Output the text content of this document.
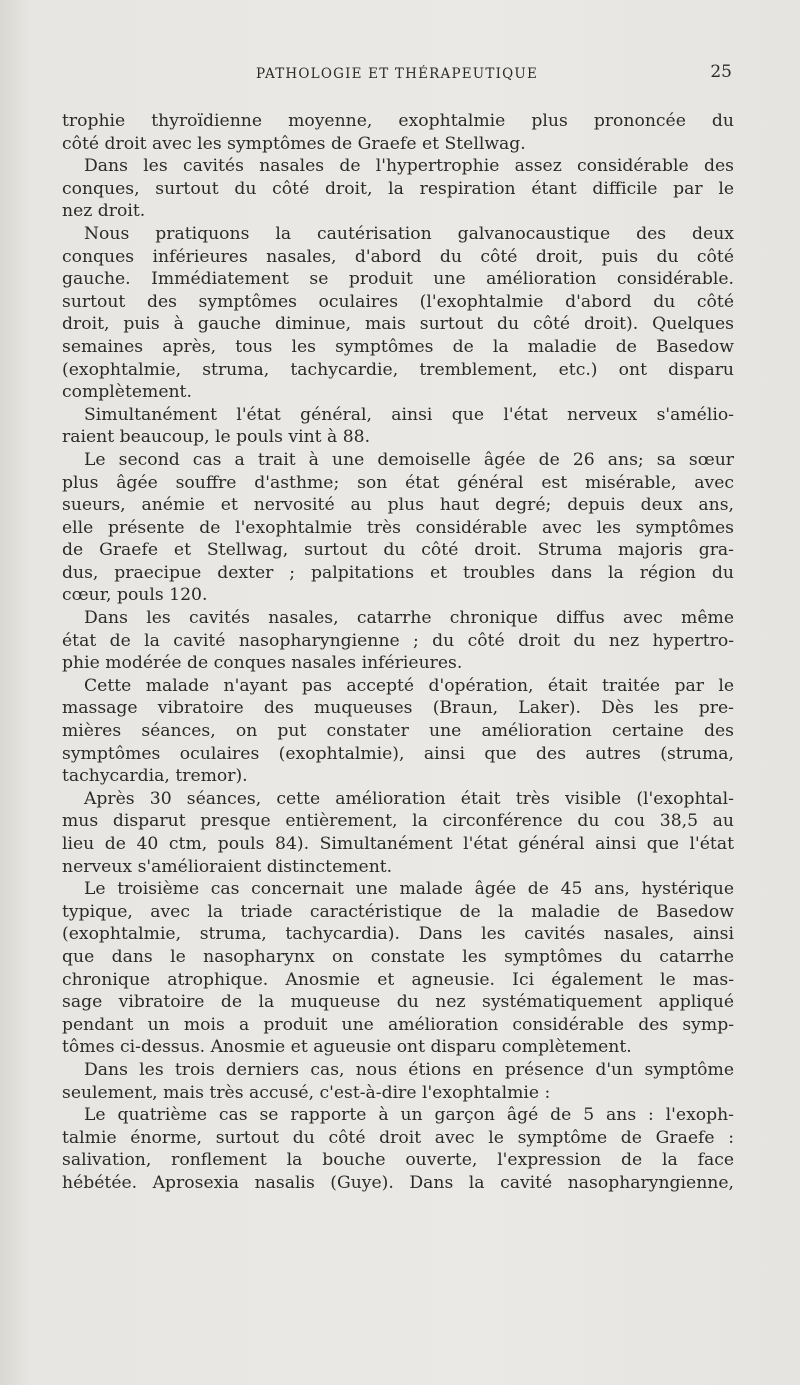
PATHOLOGIE ET THÉRAPEUTIQUE	25
trophie thyroïdienne moyenne, exophtalmie plus prononcée du
côté droit avec les symptômes de Graefe et Stellwag.
Dans les cavités nasales de l'hypertrophie assez considérable des
conques, surtout du côté droit, la respiration étant difficile par le
nez droit.
Nous pratiquons la cautérisation galvanocaustique des deux
conques inférieures nasales, d'abord du côté droit, puis du côté
gauche. Immédiatement se produit une amélioration considérable.
surtout des symptômes oculaires (l'exophtalmie d'abord du côté
droit, puis à gauche diminue, mais surtout du côté droit). Quelques
semaines après, tous les symptômes de la maladie de Basedow
(exophtalmie, struma, tachycardie, tremblement, etc.) ont disparu
complètement.
Simultanément l'état général, ainsi que l'état nerveux s'amélio-
raient beaucoup, le pouls vint à 88.
Le second cas a trait à une demoiselle âgée de 26 ans; sa sœur
plus âgée souffre d'asthme; son état général est misérable, avec
sueurs, anémie et nervosité au plus haut degré; depuis deux ans,
elle présente de l'exophtalmie très considérable avec les symptômes
de Graefe et Stellwag, surtout du côté droit. Struma majoris gra-
dus, praecipue dexter ; palpitations et troubles dans la région du
cœur, pouls 120.
Dans les cavités nasales, catarrhe chronique diffus avec même
état de la cavité nasopharyngienne ; du côté droit du nez hypertro-
phie modérée de conques nasales inférieures.
Cette malade n'ayant pas accepté d'opération, était traitée par le
massage vibratoire des muqueuses (Braun, Laker). Dès les pre-
mières séances, on put constater une amélioration certaine des
symptômes oculaires (exophtalmie), ainsi que des autres (struma,
tachycardia, tremor).
Après 30 séances, cette amélioration était très visible (l'exophtal-
mus disparut presque entièrement, la circonférence du cou 38,5 au
lieu de 40 ctm, pouls 84). Simultanément l'état général ainsi que l'état
nerveux s'amélioraient distinctement.
Le troisième cas concernait une malade âgée de 45 ans, hystérique
typique, avec la triade caractéristique de la maladie de Basedow
(exophtalmie, struma, tachycardia). Dans les cavités nasales, ainsi
que dans le nasopharynx on constate les symptômes du catarrhe
chronique atrophique. Anosmie et agneusie. Ici également le mas-
sage vibratoire de la muqueuse du nez systématiquement appliqué
pendant un mois a produit une amélioration considérable des symp-
tômes ci-dessus. Anosmie et agueusie ont disparu complètement.
Dans les trois derniers cas, nous étions en présence d'un symptôme
seulement, mais très accusé, c'est-à-dire l'exophtalmie :
Le quatrième cas se rapporte à un garçon âgé de 5 ans : l'exoph-
talmie énorme, surtout du côté droit avec le symptôme de Graefe :
salivation, ronflement la bouche ouverte, l'expression de la face
hébétée. Aprosexia nasalis (Guye). Dans la cavité nasopharyngienne,
